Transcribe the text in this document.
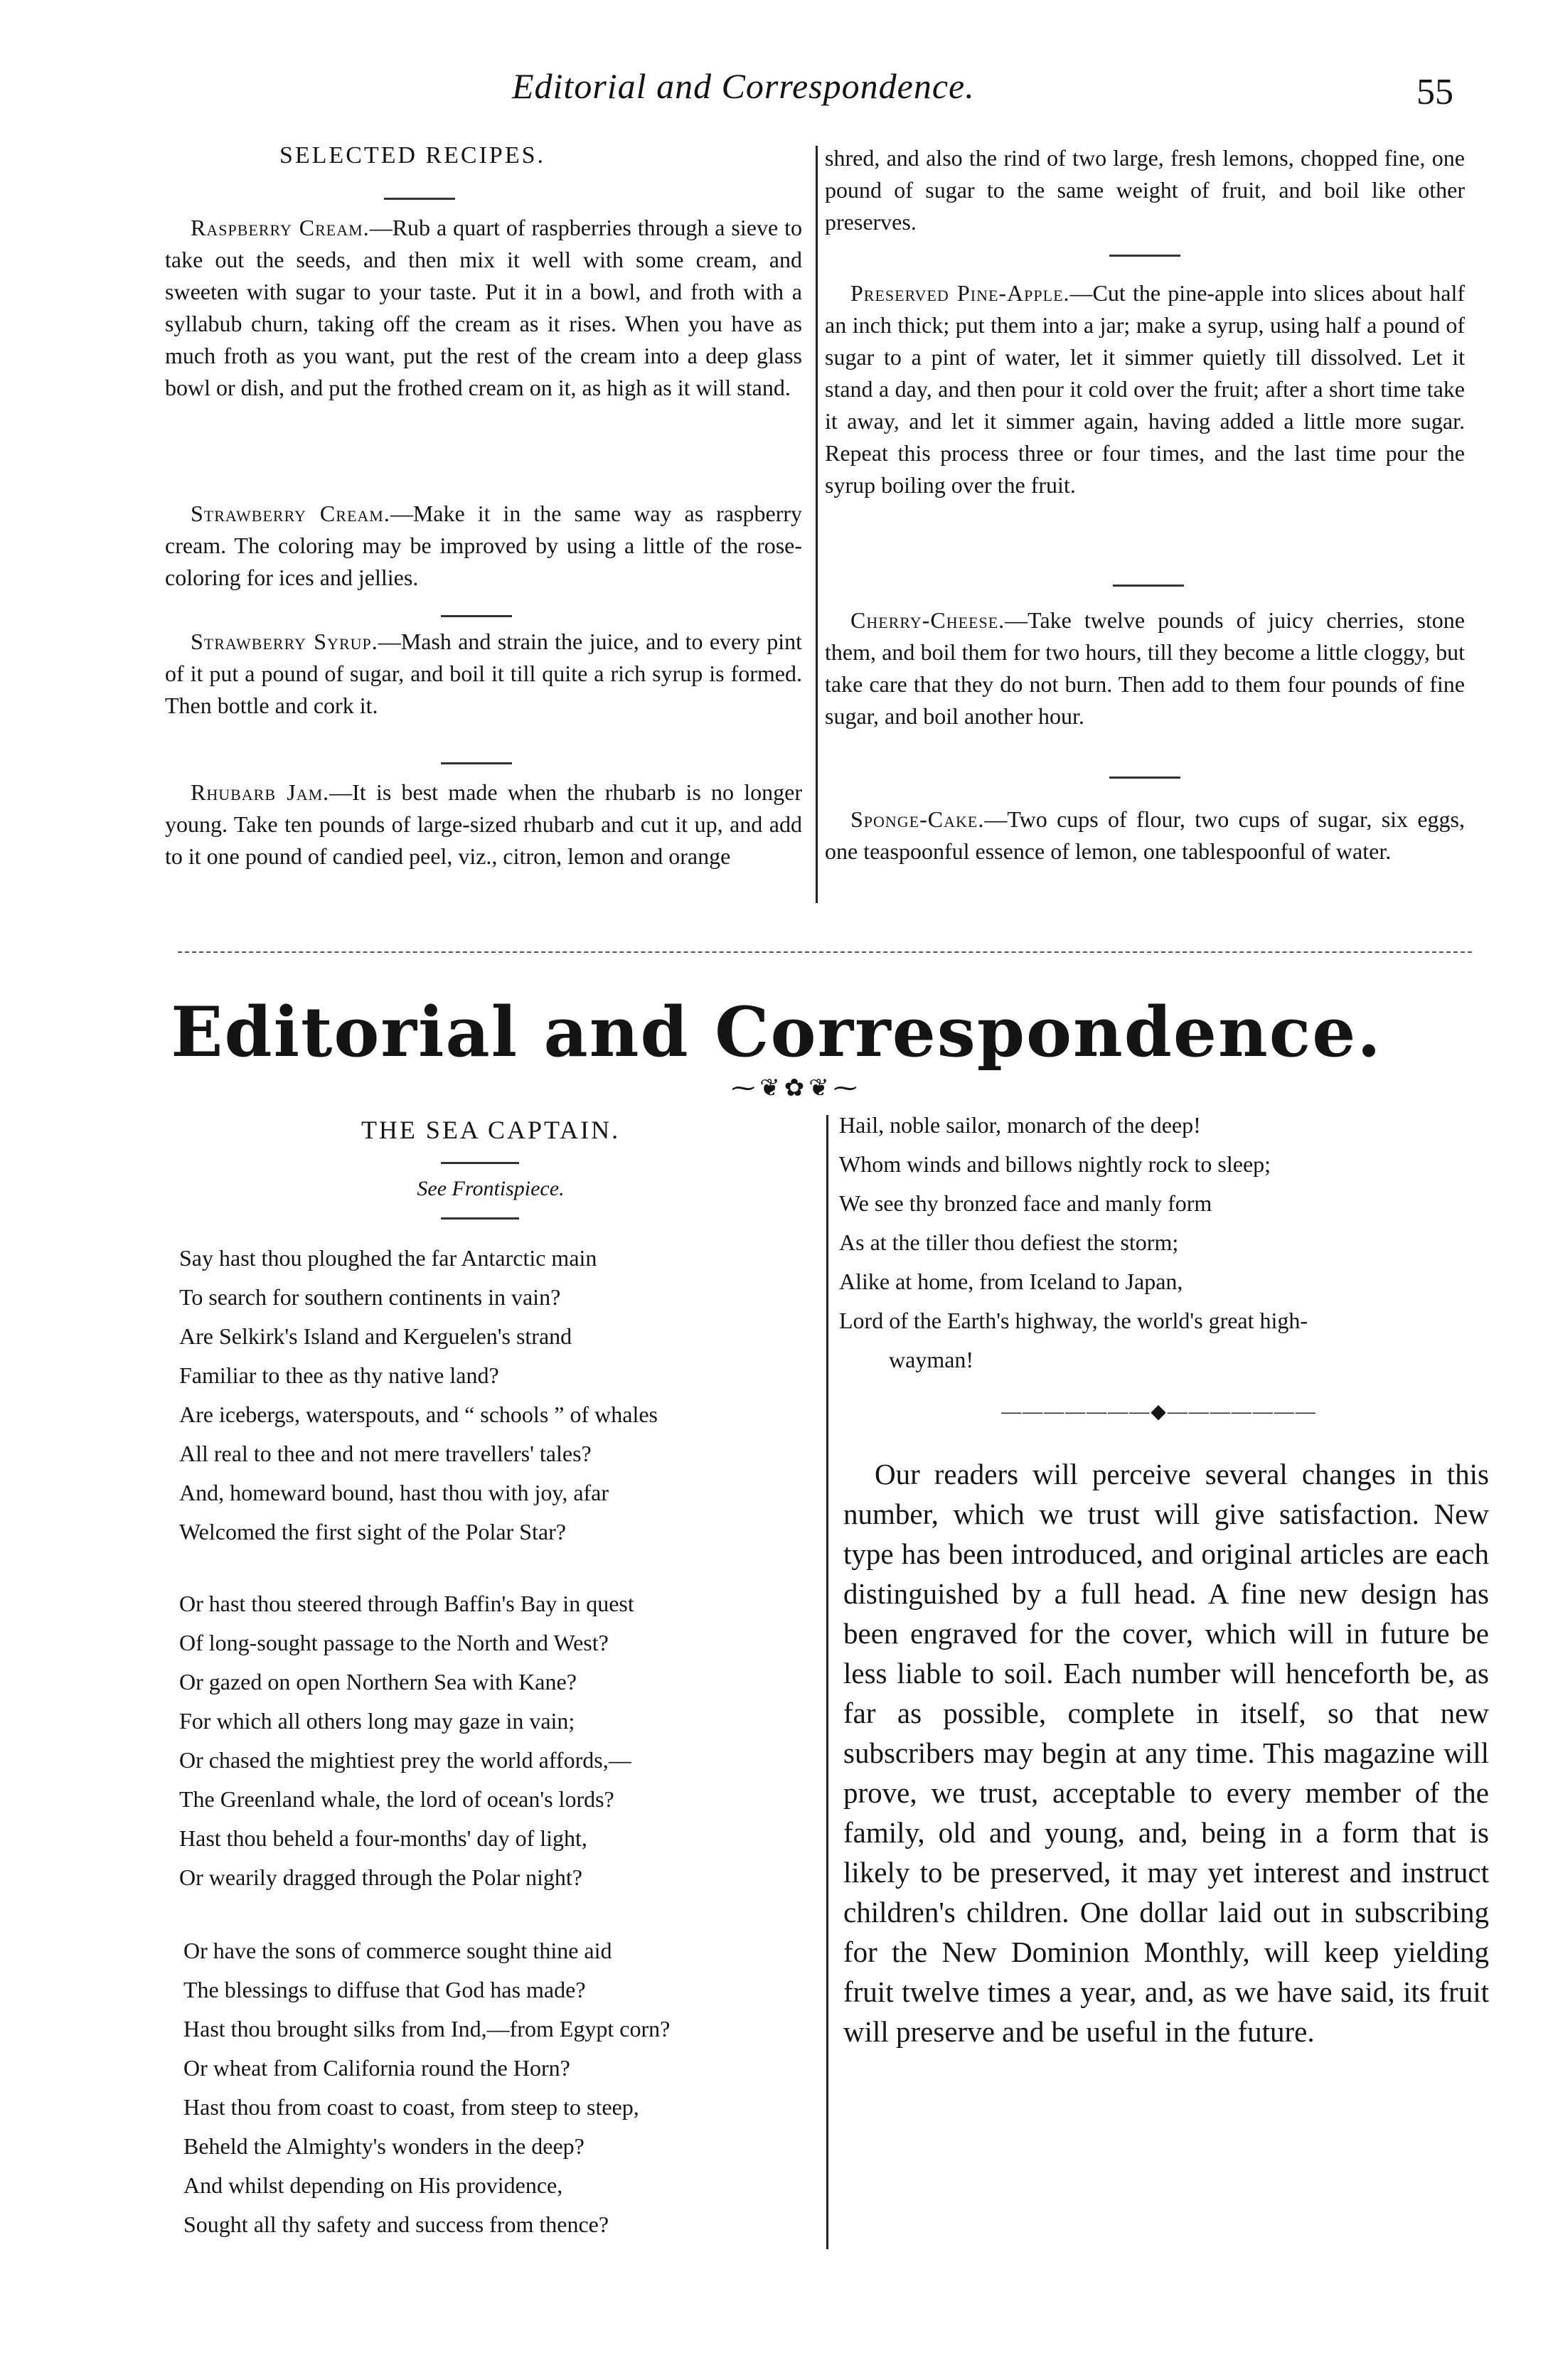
Editorial and Correspondence.	55
SELECTED RECIPES.

Raspberry Cream.—Rub a quart of raspberries through a sieve to take out the seeds, and then mix it well with some cream, and sweeten with sugar to your taste. Put it in a bowl, and froth with a syllabub churn, taking off the cream as it rises. When you have as much froth as you want, put the rest of the cream into a deep glass bowl or dish, and put the frothed cream on it, as high as it will stand.

Strawberry Cream.—Make it in the same way as raspberry cream. The coloring may be improved by using a little of the rose-coloring for ices and jellies.

Strawberry Syrup.—Mash and strain the juice, and to every pint of it put a pound of sugar, and boil it till quite a rich syrup is formed. Then bottle and cork it.

Rhubarb Jam.—It is best made when the rhubarb is no longer young. Take ten pounds of large-sized rhubarb and cut it up, and add to it one pound of candied peel, viz., citron, lemon and orange

shred, and also the rind of two large, fresh lemons, chopped fine, one pound of sugar to the same weight of fruit, and boil like other preserves.

Preserved Pine-Apple.—Cut the pine-apple into slices about half an inch thick; put them into a jar; make a syrup, using half a pound of sugar to a pint of water, let it simmer quietly till dissolved. Let it stand a day, and then pour it cold over the fruit; after a short time take it away, and let it simmer again, having added a little more sugar. Repeat this process three or four times, and the last time pour the syrup boiling over the fruit.

Cherry-Cheese.—Take twelve pounds of juicy cherries, stone them, and boil them for two hours, till they become a little cloggy, but take care that they do not burn. Then add to them four pounds of fine sugar, and boil another hour.

Sponge-Cake.—Two cups of flour, two cups of sugar, six eggs, one teaspoonful essence of lemon, one tablespoonful of water.

Editorial and Correspondence.
⁓❦✿❦⁓
THE SEA CAPTAIN.
See Frontispiece.
Say hast thou ploughed the far Antarctic main
To search for southern continents in vain?
Are Selkirk's Island and Kerguelen's strand
Familiar to thee as thy native land?
Are icebergs, waterspouts, and “ schools ” of whales
All real to thee and not mere travellers' tales?
And, homeward bound, hast thou with joy, afar
Welcomed the first sight of the Polar Star?
Or hast thou steered through Baffin's Bay in quest
Of long-sought passage to the North and West?
Or gazed on open Northern Sea with Kane?
For which all others long may gaze in vain;
Or chased the mightiest prey the world affords,—
The Greenland whale, the lord of ocean's lords?
Hast thou beheld a four-months' day of light,
Or wearily dragged through the Polar night?
Or have the sons of commerce sought thine aid
The blessings to diffuse that God has made?
Hast thou brought silks from Ind,—from Egypt corn?
Or wheat from California round the Horn?
Hast thou from coast to coast, from steep to steep,
Beheld the Almighty's wonders in the deep?
And whilst depending on His providence,
Sought all thy safety and success from thence?
Hail, noble sailor, monarch of the deep!
Whom winds and billows nightly rock to sleep;
We see thy bronzed face and manly form
As at the tiller thou defiest the storm;
Alike at home, from Iceland to Japan,
Lord of the Earth's highway, the world's great high-
wayman!
———————◆———————

Our readers will perceive several changes in this number, which we trust will give satisfaction. New type has been introduced, and original articles are each distinguished by a full head. A fine new design has been engraved for the cover, which will in future be less liable to soil. Each number will henceforth be, as far as possible, complete in itself, so that new subscribers may begin at any time. This magazine will prove, we trust, acceptable to every member of the family, old and young, and, being in a form that is likely to be preserved, it may yet interest and instruct children's children. One dollar laid out in subscribing for the New Dominion Monthly, will keep yielding fruit twelve times a year, and, as we have said, its fruit will preserve and be useful in the future.
